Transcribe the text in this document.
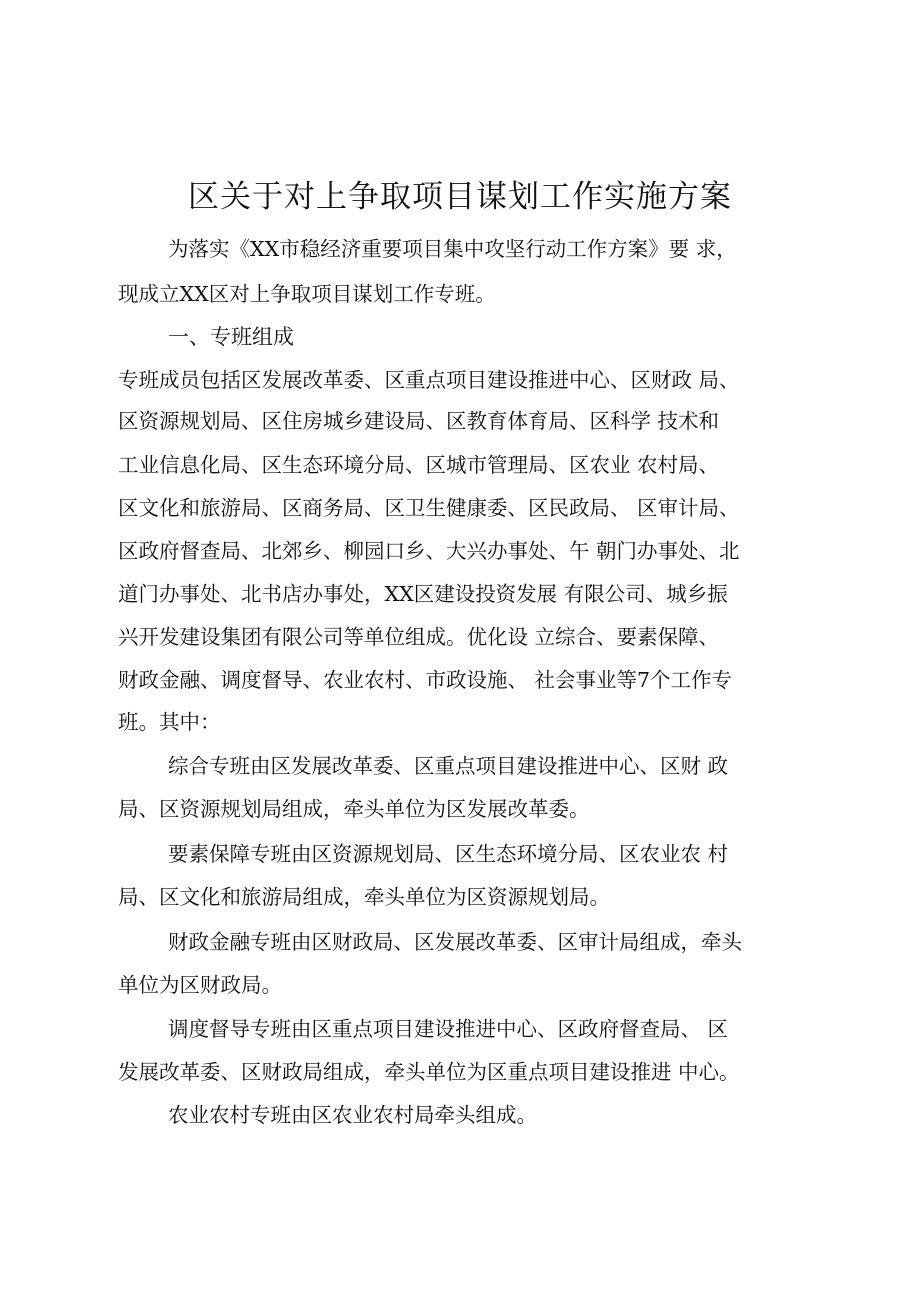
区关于对上争取项目谋划工作实施方案

为落实《XX市稳经济重要项目集中攻坚行动工作方案》要 求，

现成立XX区对上争取项目谋划工作专班。

一、专班组成

专班成员包括区发展改革委、区重点项目建设推进中心、区财政 局、

区资源规划局、区住房城乡建设局、区教育体育局、区科学 技术和

工业信息化局、区生态环境分局、区城市管理局、区农业 农村局、

区文化和旅游局、区商务局、区卫生健康委、区民政局、 区审计局、

区政府督查局、北郊乡、柳园口乡、大兴办事处、午 朝门办事处、北

道门办事处、北书店办事处，XX区建设投资发展 有限公司、城乡振

兴开发建设集团有限公司等单位组成。优化设 立综合、要素保障、

财政金融、调度督导、农业农村、市政设施、 社会事业等7个工作专

班。其中：

综合专班由区发展改革委、区重点项目建设推进中心、区财 政

局、区资源规划局组成，牵头单位为区发展改革委。

要素保障专班由区资源规划局、区生态环境分局、区农业农 村

局、区文化和旅游局组成，牵头单位为区资源规划局。

财政金融专班由区财政局、区发展改革委、区审计局组成，牵头

单位为区财政局。

调度督导专班由区重点项目建设推进中心、区政府督查局、 区

发展改革委、区财政局组成，牵头单位为区重点项目建设推进 中心。

农业农村专班由区农业农村局牵头组成。
